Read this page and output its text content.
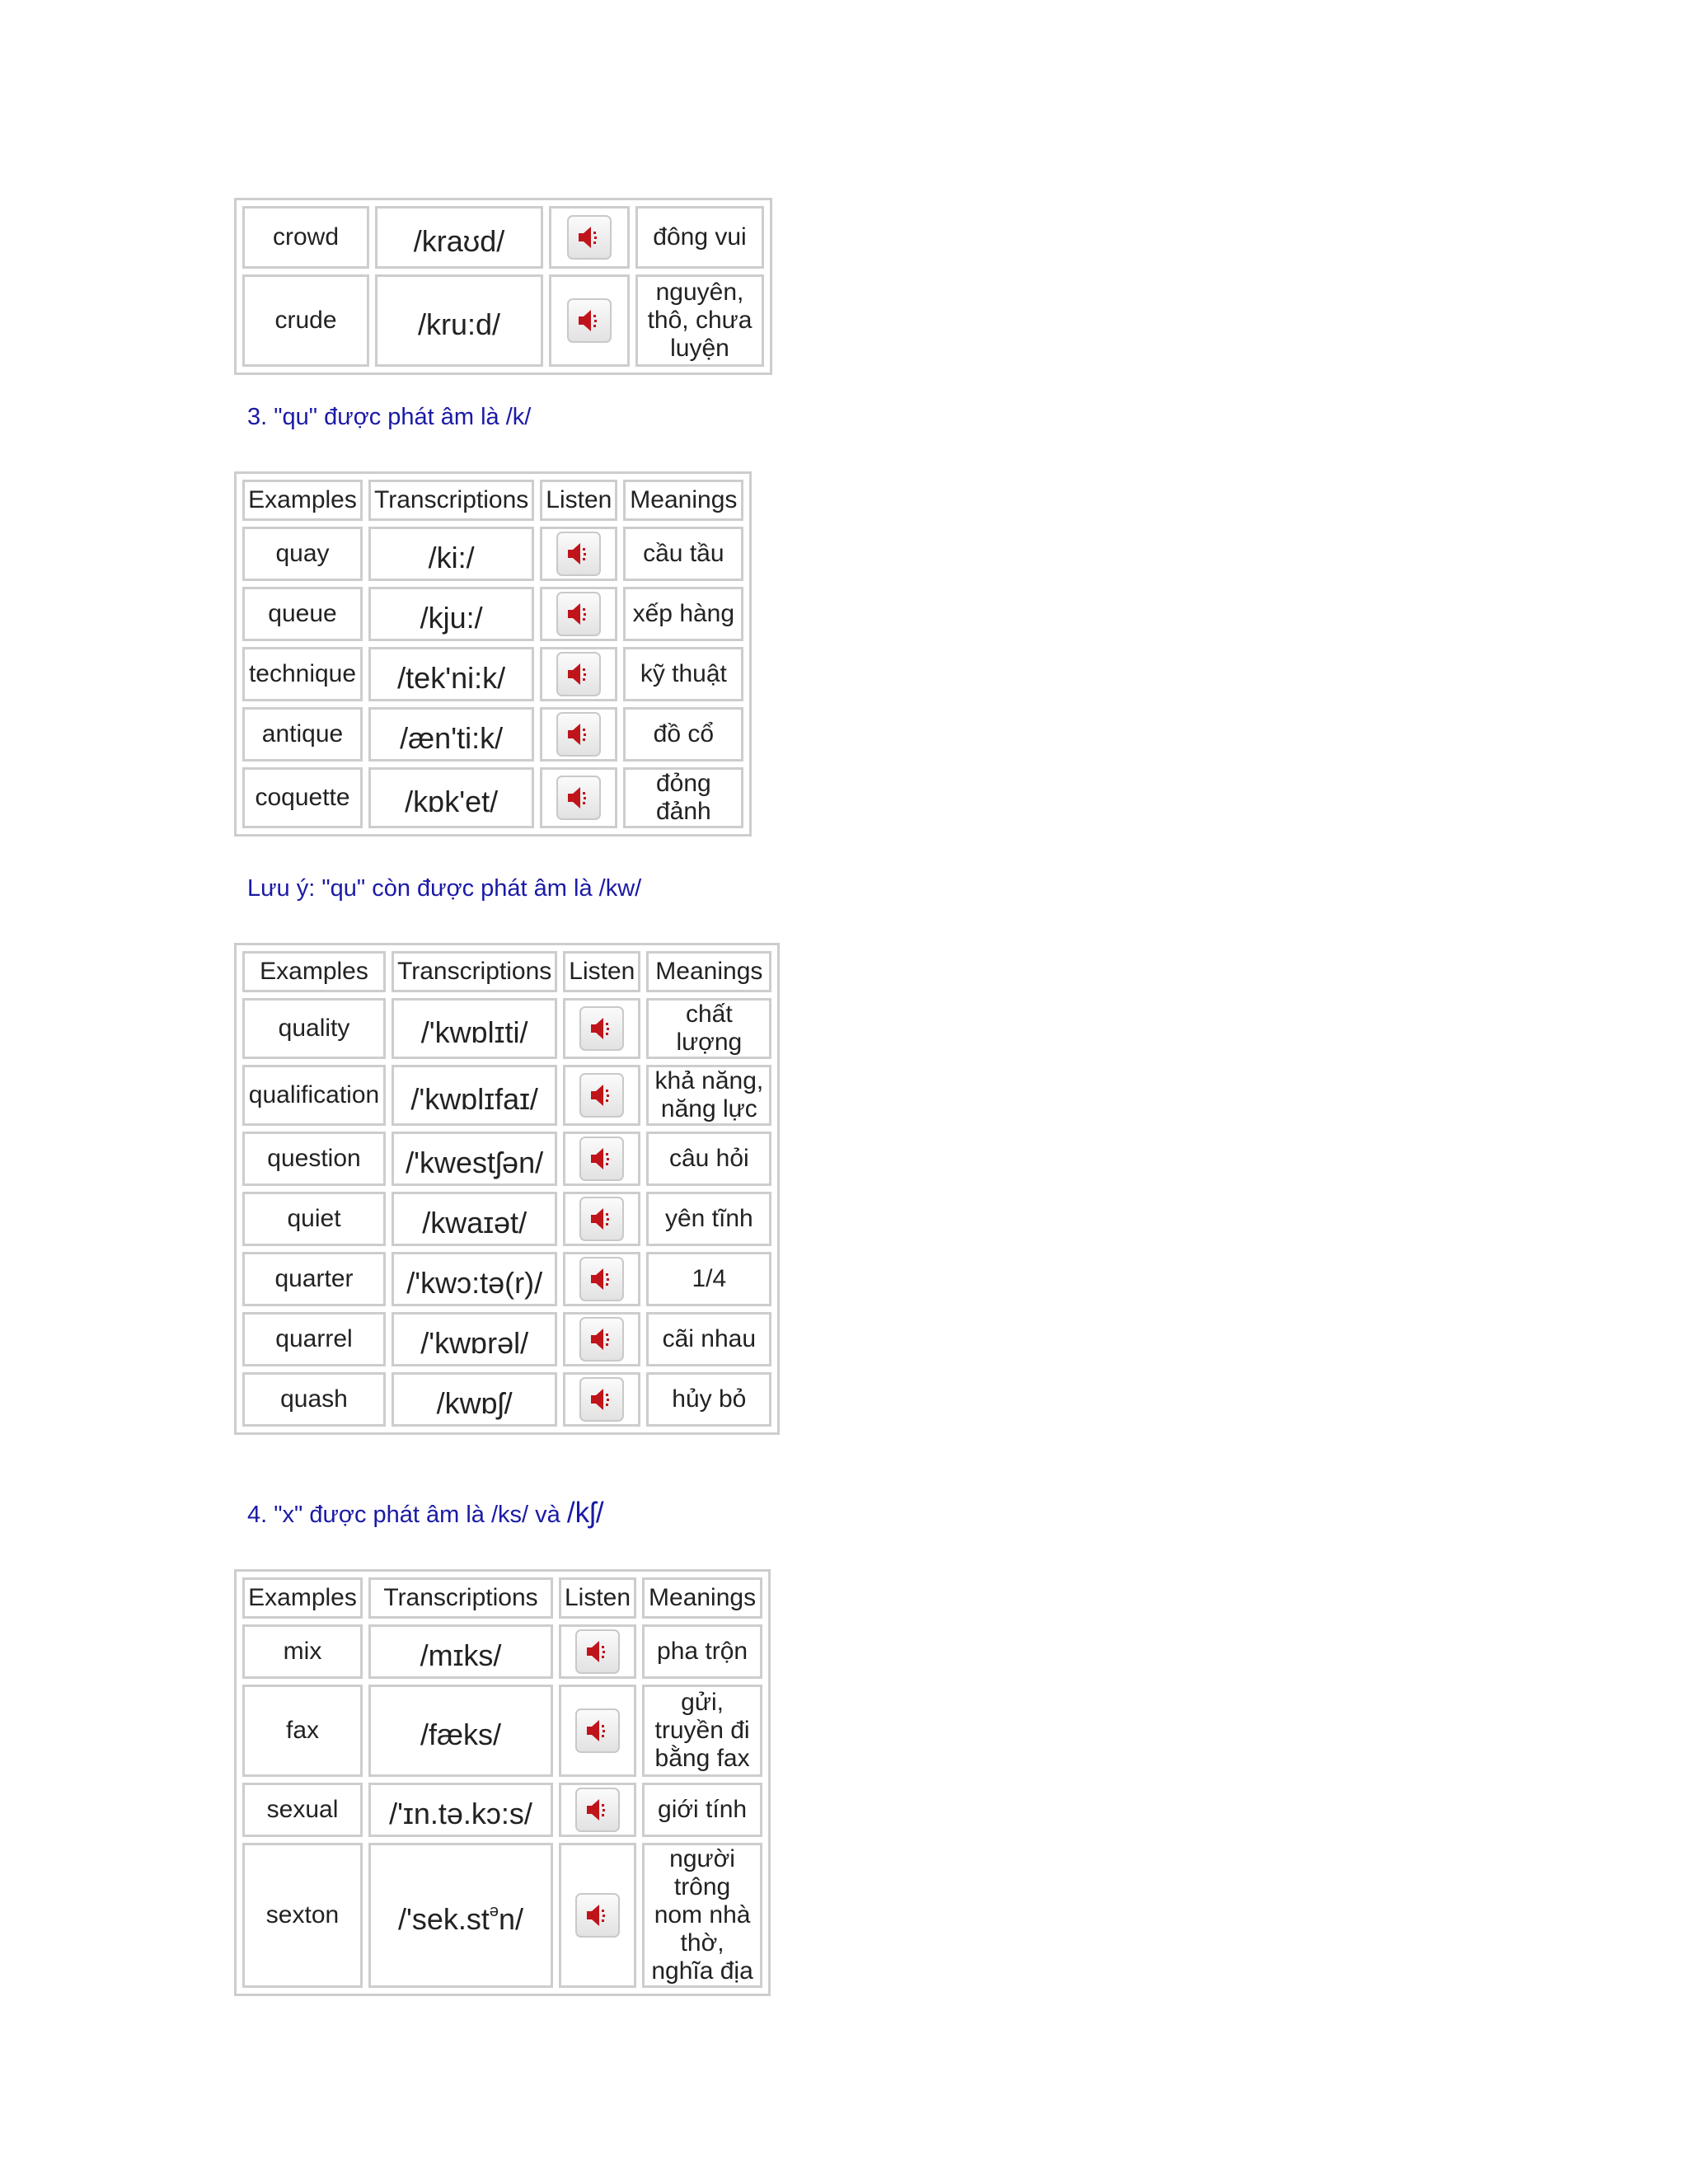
crowd	/kraʊd/		đông vui
crude	/kru:d/		nguyên, thô, chưa luyện
3. "qu" được phát âm là /k/
Examples	Transcriptions	Listen	Meanings
quay	/ki:/		cầu tầu
queue	/kju:/		xếp hàng
technique	/tek'ni:k/		kỹ thuật
antique	/æn'ti:k/		đồ cổ
coquette	/kɒk'et/		đỏng đảnh
Lưu ý: "qu" còn được phát âm là /kw/
Examples	Transcriptions	Listen	Meanings
quality	/'kwɒlɪti/		chất lượng
qualification	/'kwɒlɪfaɪ/		khả năng, năng lực
question	/'kwestʃən/		câu hỏi
quiet	/kwaɪət/		yên tĩnh
quarter	/'kwɔ:tə(r)/		1/4
quarrel	/'kwɒrəl/		cãi nhau
quash	/kwɒʃ/		hủy bỏ
4. "x" được phát âm là /ks/ và /kʃ/
Examples	Transcriptions	Listen	Meanings
mix	/mɪks/		pha trộn
fax	/fæks/		gửi, truyền đi bằng fax
sexual	/'ɪn.tə.kɔ:s/		giới tính
sexton	$/'sek.st^ən/$		người trông nom nhà thờ, nghĩa địa
